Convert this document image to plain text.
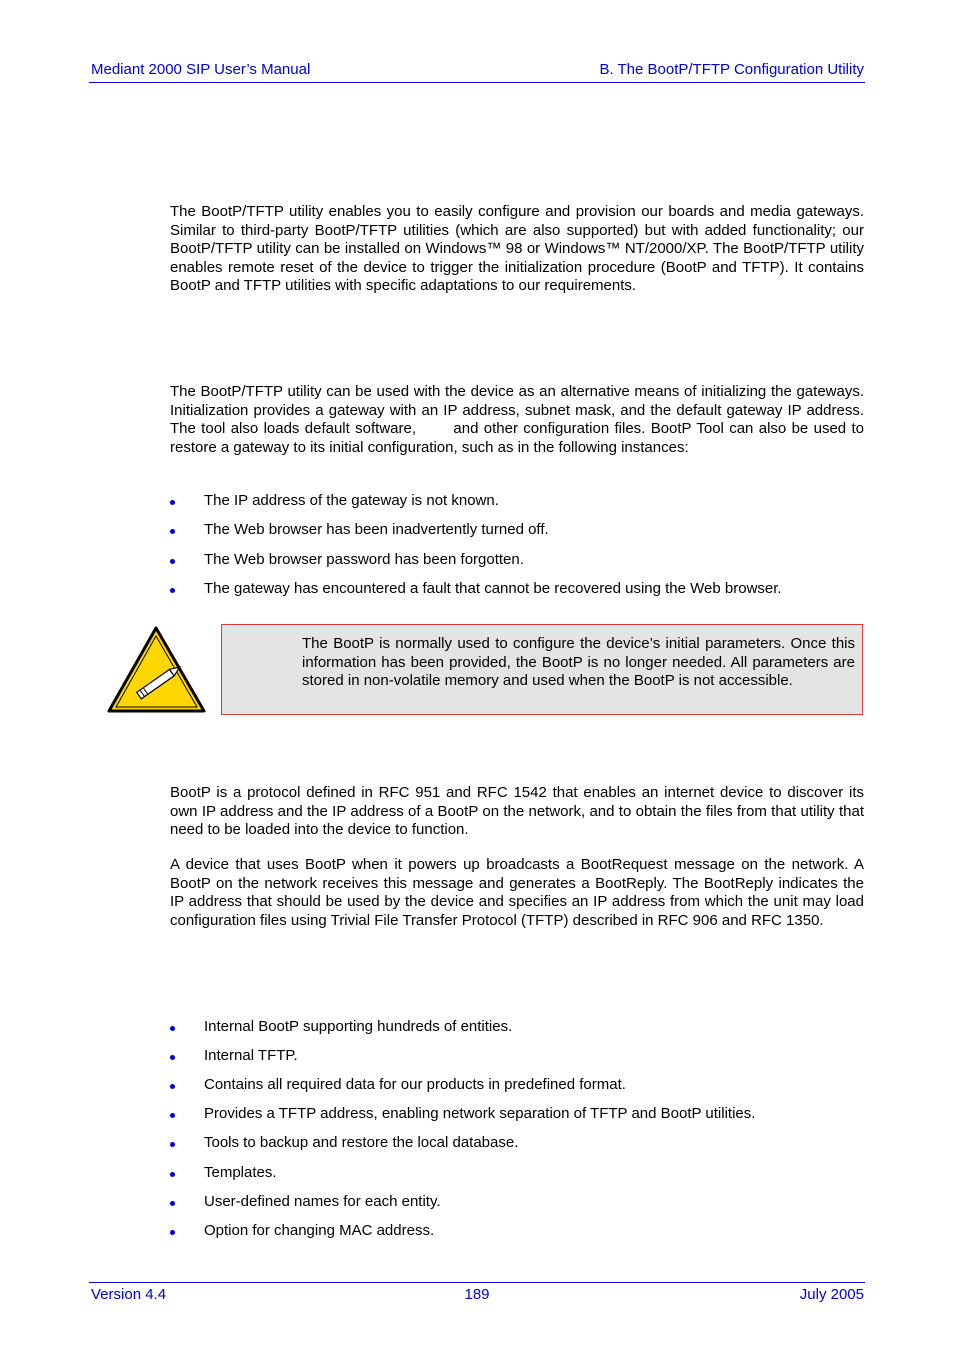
Mediant 2000 SIP User’s Manual	B. The BootP/TFTP Configuration Utility

The BootP/TFTP utility enables you to easily configure and provision our boards and media gateways. Similar to third-party BootP/TFTP utilities (which are also supported) but with added functionality; our BootP/TFTP utility can be installed on Windows™ 98 or Windows™ NT/2000/XP. The BootP/TFTP utility enables remote reset of the device to trigger the initialization procedure (BootP and TFTP). It contains BootP and TFTP utilities with specific adaptations to our requirements.

The BootP/TFTP utility can be used with the device as an alternative means of initializing the gateways. Initialization provides a gateway with an IP address, subnet mask, and the default gateway IP address. The tool also loads default software,       and other configuration files. BootP Tool can also be used to restore a gateway to its initial configuration, such as in the following instances:

The IP address of the gateway is not known.
The Web browser has been inadvertently turned off.
The Web browser password has been forgotten.
The gateway has encountered a fault that cannot be recovered using the Web browser.

The BootP is normally used to configure the device’s initial parameters. Once this information has been provided, the BootP is no longer needed. All parameters are stored in non-volatile memory and used when the BootP is not accessible.

BootP is a protocol defined in RFC 951 and RFC 1542 that enables an internet device to discover its own IP address and the IP address of a BootP on the network, and to obtain the files from that utility that need to be loaded into the device to function.

A device that uses BootP when it powers up broadcasts a BootRequest message on the network. A BootP on the network receives this message and generates a BootReply. The BootReply indicates the IP address that should be used by the device and specifies an IP address from which the unit may load configuration files using Trivial File Transfer Protocol (TFTP) described in RFC 906 and RFC 1350.

Internal BootP supporting hundreds of entities.
Internal TFTP.
Contains all required data for our products in predefined format.
Provides a TFTP address, enabling network separation of TFTP and BootP utilities.
Tools to backup and restore the local database.
Templates.
User-defined names for each entity.
Option for changing MAC address.
Version 4.4	189	July 2005
